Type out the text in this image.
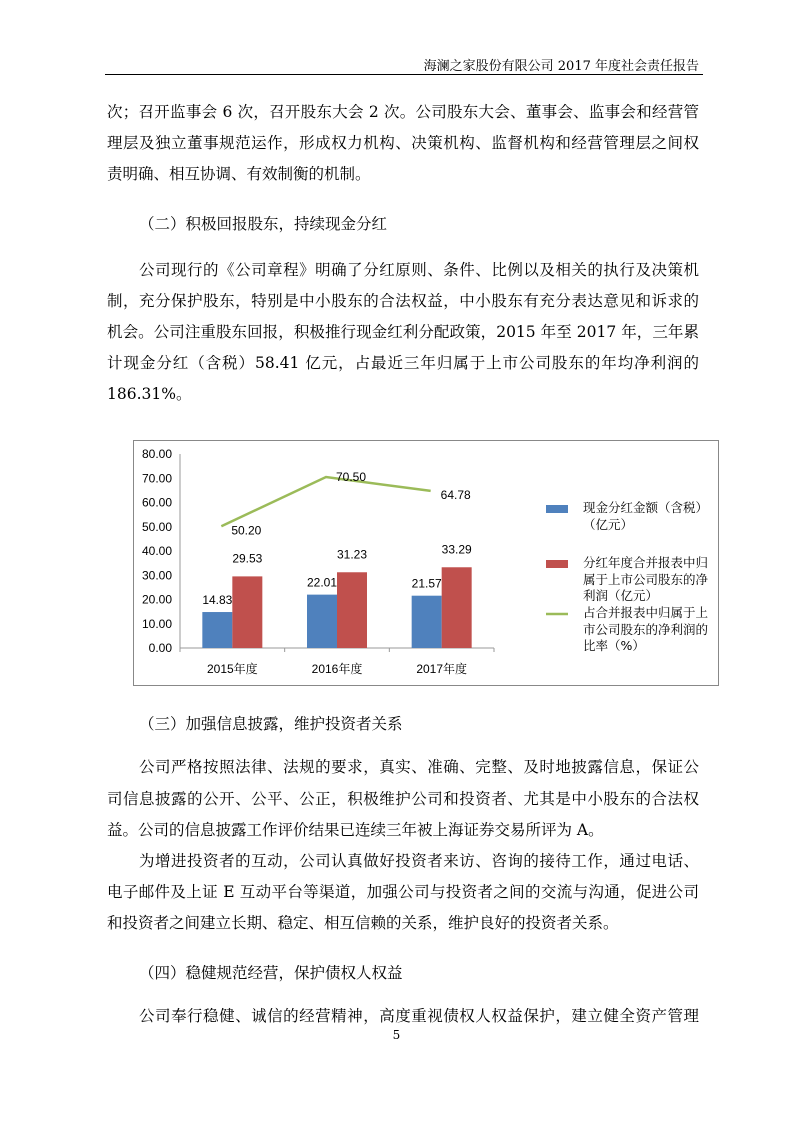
海澜之家股份有限公司 2017 年度社会责任报告
次；召开监事会 6 次，召开股东大会 2 次。公司股东大会、董事会、监事会和经营管
理层及独立董事规范运作，形成权力机构、决策机构、监督机构和经营管理层之间权
责明确、相互协调、有效制衡的机制。
（二）积极回报股东，持续现金分红
公司现行的《公司章程》明确了分红原则、条件、比例以及相关的执行及决策机
制，充分保护股东，特别是中小股东的合法权益，中小股东有充分表达意见和诉求的
机会。公司注重股东回报，积极推行现金红利分配政策，2015 年至 2017 年，三年累
计现金分红（含税）58.41 亿元，占最近三年归属于上市公司股东的年均净利润的
186.31%。
0.00
10.00
20.00
30.00
40.00
50.00
60.00
70.00
80.00
2015年度
14.83
29.53
2016年度
22.01
31.23
2017年度
21.57
33.29
50.20
70.50
64.78
现金分红金额（含税）（亿元）
分红年度合并报表中归属于上市公司股东的净利润（亿元）
占合并报表中归属于上市公司股东的净利润的比率（%）
（三）加强信息披露，维护投资者关系
公司严格按照法律、法规的要求，真实、准确、完整、及时地披露信息，保证公
司信息披露的公开、公平、公正，积极维护公司和投资者、尤其是中小股东的合法权
益。公司的信息披露工作评价结果已连续三年被上海证券交易所评为 A。
为增进投资者的互动，公司认真做好投资者来访、咨询的接待工作，通过电话、
电子邮件及上证 E 互动平台等渠道，加强公司与投资者之间的交流与沟通，促进公司
和投资者之间建立长期、稳定、相互信赖的关系，维护良好的投资者关系。
（四）稳健规范经营，保护债权人权益
公司奉行稳健、诚信的经营精神，高度重视债权人权益保护，建立健全资产管理
5
